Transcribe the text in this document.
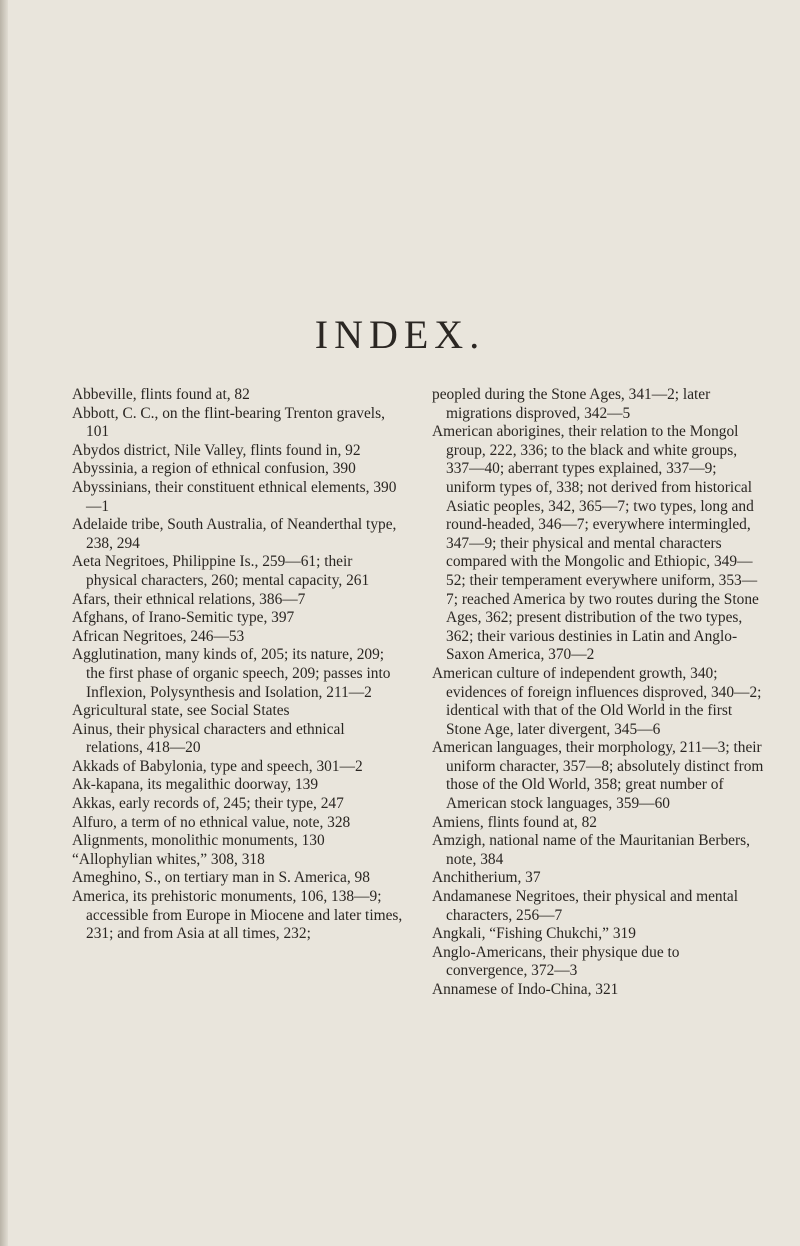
INDEX.

Abbeville, flints found at, 82

Abbott, C. C., on the flint-bearing Trenton gravels, 101

Abydos district, Nile Valley, flints found in, 92

Abyssinia, a region of ethnical confusion, 390

Abyssinians, their constituent ethnical elements, 390—1

Adelaide tribe, South Australia, of Neanderthal type, 238, 294

Aeta Negritoes, Philippine Is., 259—61; their physical characters, 260; mental capacity, 261

Afars, their ethnical relations, 386—7

Afghans, of Irano-Semitic type, 397

African Negritoes, 246—53

Agglutination, many kinds of, 205; its nature, 209; the first phase of organic speech, 209; passes into Inflexion, Polysynthesis and Isolation, 211—2

Agricultural state, see Social States

Ainus, their physical characters and ethnical relations, 418—20

Akkads of Babylonia, type and speech, 301—2

Ak-kapana, its megalithic doorway, 139

Akkas, early records of, 245; their type, 247

Alfuro, a term of no ethnical value, note, 328

Alignments, monolithic monuments, 130

“Allophylian whites,” 308, 318

Ameghino, S., on tertiary man in S. America, 98

America, its prehistoric monuments, 106, 138—9; accessible from Europe in Miocene and later times, 231; and from Asia at all times, 232;

peopled during the Stone Ages, 341—2; later migrations disproved, 342—5

American aborigines, their relation to the Mongol group, 222, 336; to the black and white groups, 337—40; aberrant types explained, 337—9; uniform types of, 338; not derived from historical Asiatic peoples, 342, 365—7; two types, long and round-headed, 346—7; everywhere intermingled, 347—9; their physical and mental characters compared with the Mongolic and Ethiopic, 349—52; their temperament everywhere uniform, 353—7; reached America by two routes during the Stone Ages, 362; present distribution of the two types, 362; their various destinies in Latin and Anglo-Saxon America, 370—2

American culture of independent growth, 340; evidences of foreign influences disproved, 340—2; identical with that of the Old World in the first Stone Age, later divergent, 345—6

American languages, their morphology, 211—3; their uniform character, 357—8; absolutely distinct from those of the Old World, 358; great number of American stock languages, 359—60

Amiens, flints found at, 82

Amzigh, national name of the Mauritanian Berbers, note, 384

Anchitherium, 37

Andamanese Negritoes, their physical and mental characters, 256—7

Angkali, “Fishing Chukchi,” 319

Anglo-Americans, their physique due to convergence, 372—3

Annamese of Indo-China, 321
